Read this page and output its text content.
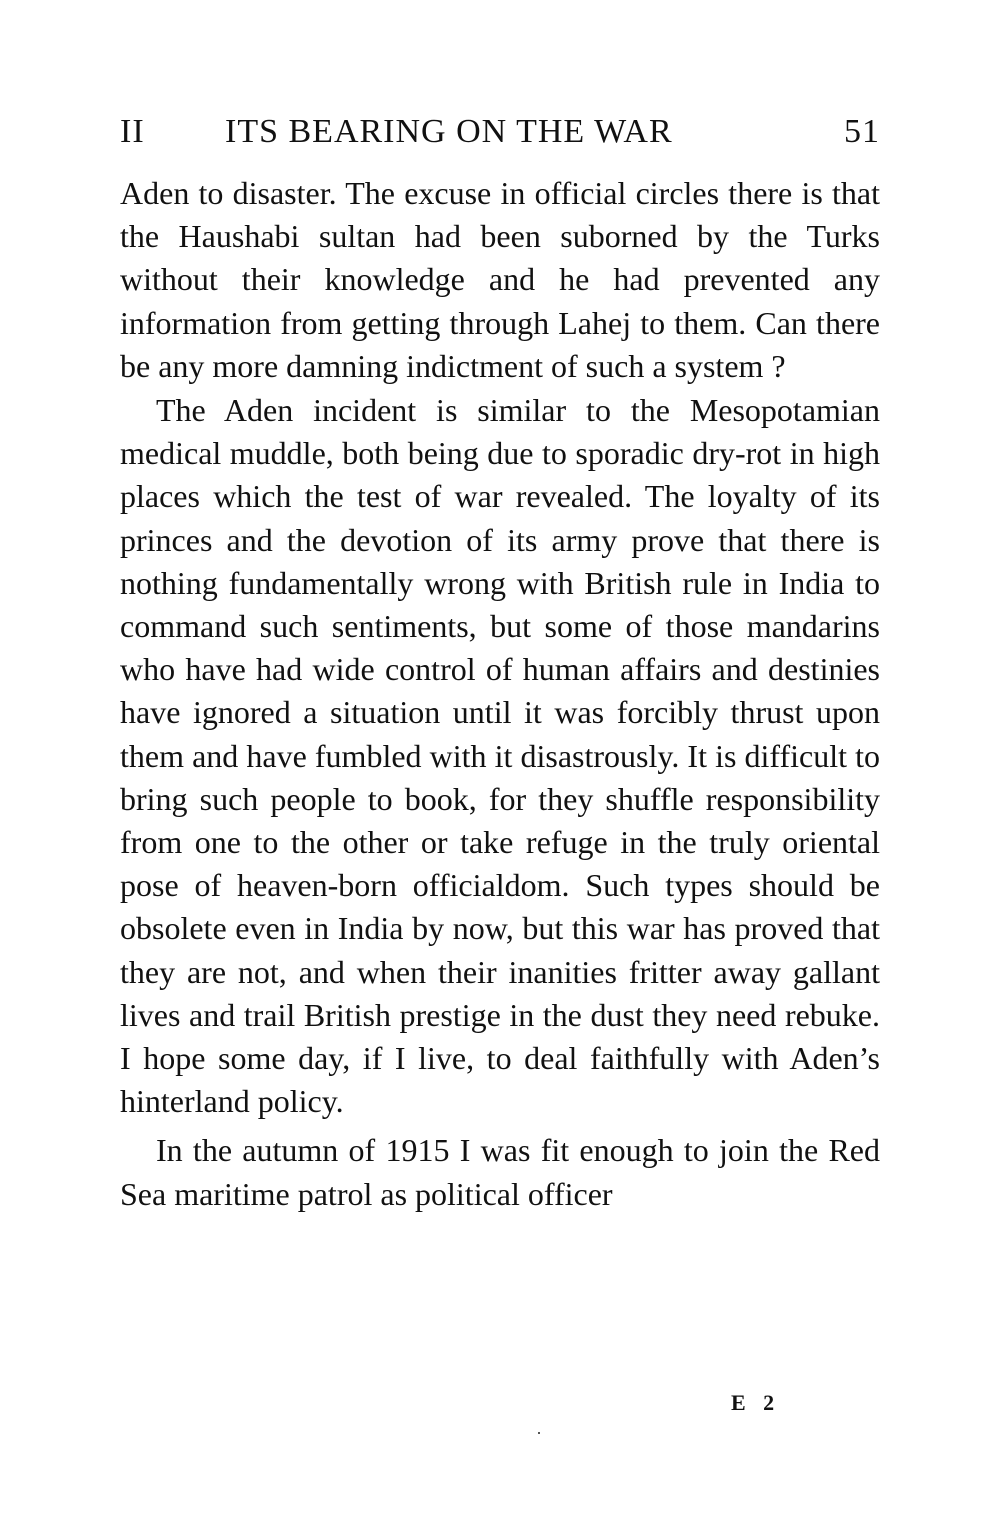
II ITS BEARING ON THE WAR	51

Aden to disaster. The excuse in official circles there is that the Haushabi sultan had been suborned by the Turks without their knowledge and he had prevented any information from getting through Lahej to them. Can there be any more damning indictment of such a system ?

The Aden incident is similar to the Mesopotamian medical muddle, both being due to sporadic dry-rot in high places which the test of war revealed. The loyalty of its princes and the devotion of its army prove that there is nothing fundamentally wrong with British rule in India to command such sentiments, but some of those mandarins who have had wide control of human affairs and destinies have ignored a situation until it was forcibly thrust upon them and have fumbled with it disastrously. It is difficult to bring such people to book, for they shuffle responsibility from one to the other or take refuge in the truly oriental pose of heaven-born officialdom. Such types should be obsolete even in India by now, but this war has proved that they are not, and when their inanities fritter away gallant lives and trail British prestige in the dust they need rebuke. I hope some day, if I live, to deal faithfully with Aden’s hinterland policy.

In the autumn of 1915 I was fit enough to join the Red Sea maritime patrol as political officer

E 2
